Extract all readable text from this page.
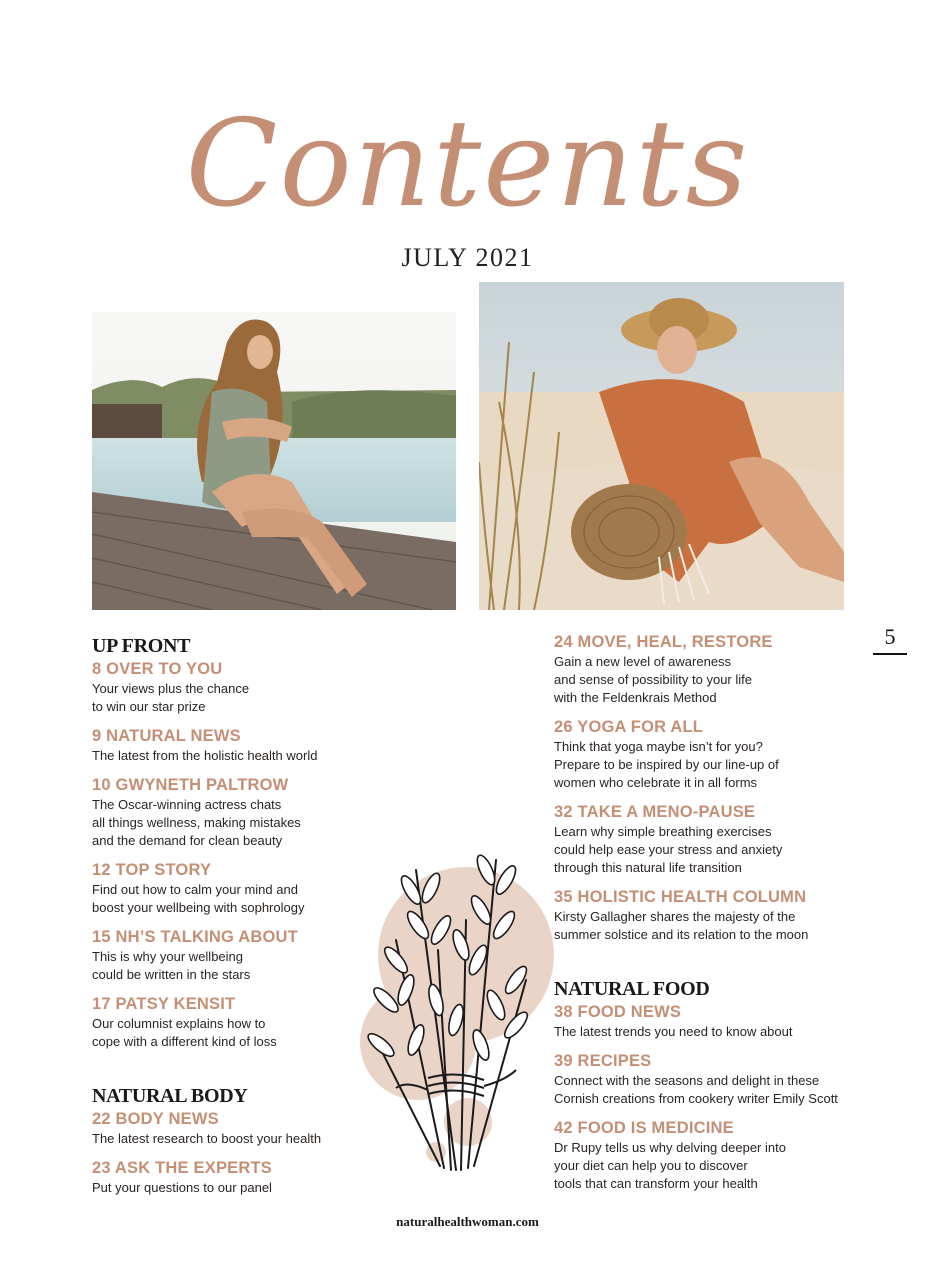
Contents
JULY 2021
UP FRONT
8 OVER TO YOU
Your views plus the chance
to win our star prize
9 NATURAL NEWS
The latest from the holistic health world
10 GWYNETH PALTROW
The Oscar-winning actress chats
all things wellness, making mistakes
and the demand for clean beauty
12 TOP STORY
Find out how to calm your mind and
boost your wellbeing with sophrology
15 NH’S TALKING ABOUT
This is why your wellbeing
could be written in the stars
17 PATSY KENSIT
Our columnist explains how to
cope with a different kind of loss
NATURAL BODY
22 BODY NEWS
The latest research to boost your health
23 ASK THE EXPERTS
Put your questions to our panel
24 MOVE, HEAL, RESTORE
Gain a new level of awareness
and sense of possibility to your life
with the Feldenkrais Method
26 YOGA FOR ALL
Think that yoga maybe isn’t for you?
Prepare to be inspired by our line-up of
women who celebrate it in all forms
32 TAKE A MENO-PAUSE
Learn why simple breathing exercises
could help ease your stress and anxiety
through this natural life transition
35 HOLISTIC HEALTH COLUMN
Kirsty Gallagher shares the majesty of the
summer solstice and its relation to the moon
NATURAL FOOD
38 FOOD NEWS
The latest trends you need to know about
39 RECIPES
Connect with the seasons and delight in these
Cornish creations from cookery writer Emily Scott
42 FOOD IS MEDICINE
Dr Rupy tells us why delving deeper into
your diet can help you to discover
tools that can transform your health
5
naturalhealthwoman.com
